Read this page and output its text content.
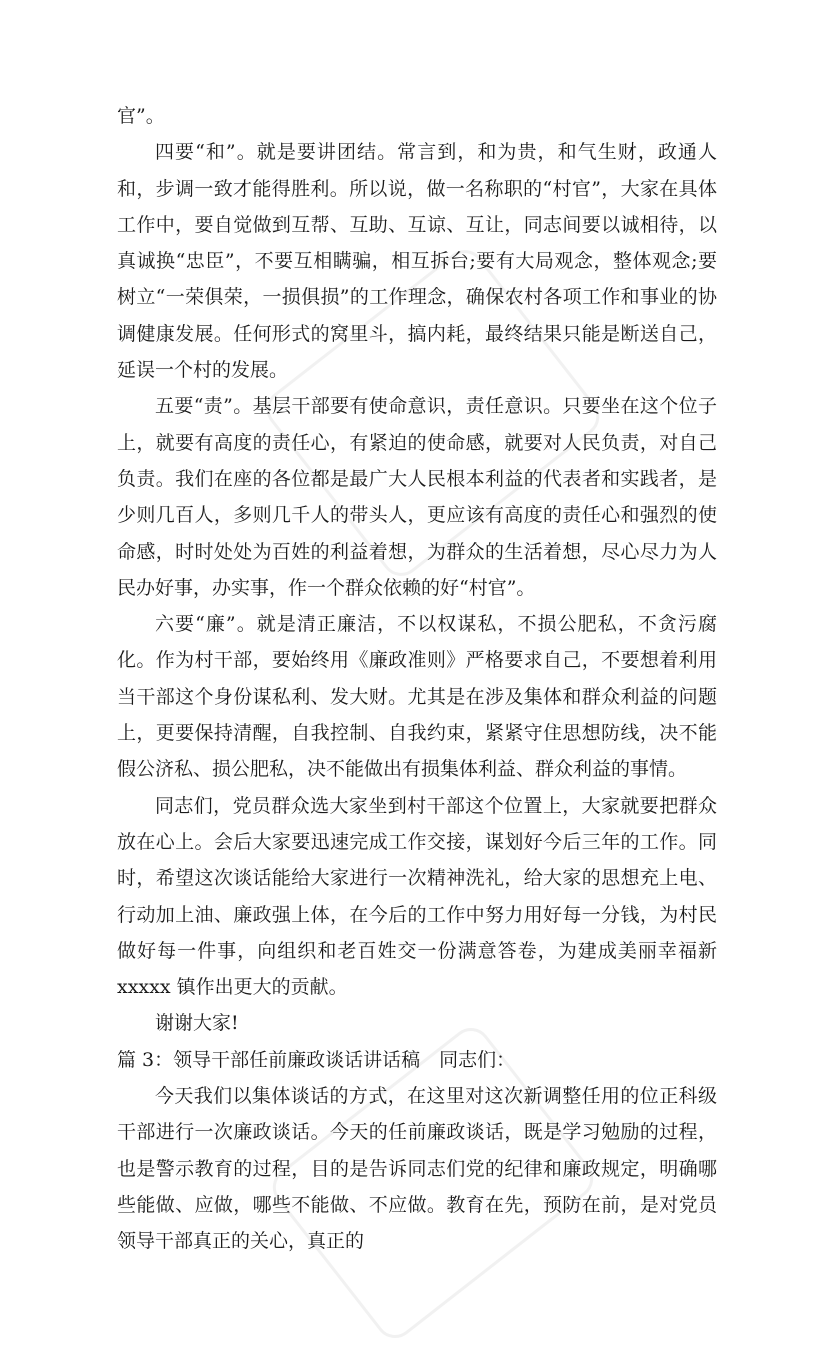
官”。

四要“和”。就是要讲团结。常言到，和为贵，和气生财，政通人和，步调一致才能得胜利。所以说，做一名称职的“村官”，大家在具体工作中，要自觉做到互帮、互助、互谅、互让，同志间要以诚相待，以真诚换“忠臣”，不要互相瞒骗，相互拆台;要有大局观念，整体观念;要树立“一荣俱荣，一损俱损”的工作理念，确保农村各项工作和事业的协调健康发展。任何形式的窝里斗，搞内耗，最终结果只能是断送自己，延误一个村的发展。

五要“责”。基层干部要有使命意识，责任意识。只要坐在这个位子上，就要有高度的责任心，有紧迫的使命感，就要对人民负责，对自己负责。我们在座的各位都是最广大人民根本利益的代表者和实践者，是少则几百人，多则几千人的带头人，更应该有高度的责任心和强烈的使命感，时时处处为百姓的利益着想，为群众的生活着想，尽心尽力为人民办好事，办实事，作一个群众依赖的好“村官”。

六要“廉”。就是清正廉洁，不以权谋私，不损公肥私，不贪污腐化。作为村干部，要始终用《廉政准则》严格要求自己，不要想着利用当干部这个身份谋私利、发大财。尤其是在涉及集体和群众利益的问题上，更要保持清醒，自我控制、自我约束，紧紧守住思想防线，决不能假公济私、损公肥私，决不能做出有损集体利益、群众利益的事情。

同志们，党员群众选大家坐到村干部这个位置上，大家就要把群众放在心上。会后大家要迅速完成工作交接，谋划好今后三年的工作。同时，希望这次谈话能给大家进行一次精神洗礼，给大家的思想充上电、行动加上油、廉政强上体，在今后的工作中努力用好每一分钱，为村民做好每一件事，向组织和老百姓交一份满意答卷，为建成美丽幸福新 xxxxx 镇作出更大的贡献。

谢谢大家!

篇 3：领导干部任前廉政谈话讲话稿　同志们：

今天我们以集体谈话的方式，在这里对这次新调整任用的位正科级干部进行一次廉政谈话。今天的任前廉政谈话，既是学习勉励的过程，也是警示教育的过程，目的是告诉同志们党的纪律和廉政规定，明确哪些能做、应做，哪些不能做、不应做。教育在先，预防在前，是对党员领导干部真正的关心，真正的
